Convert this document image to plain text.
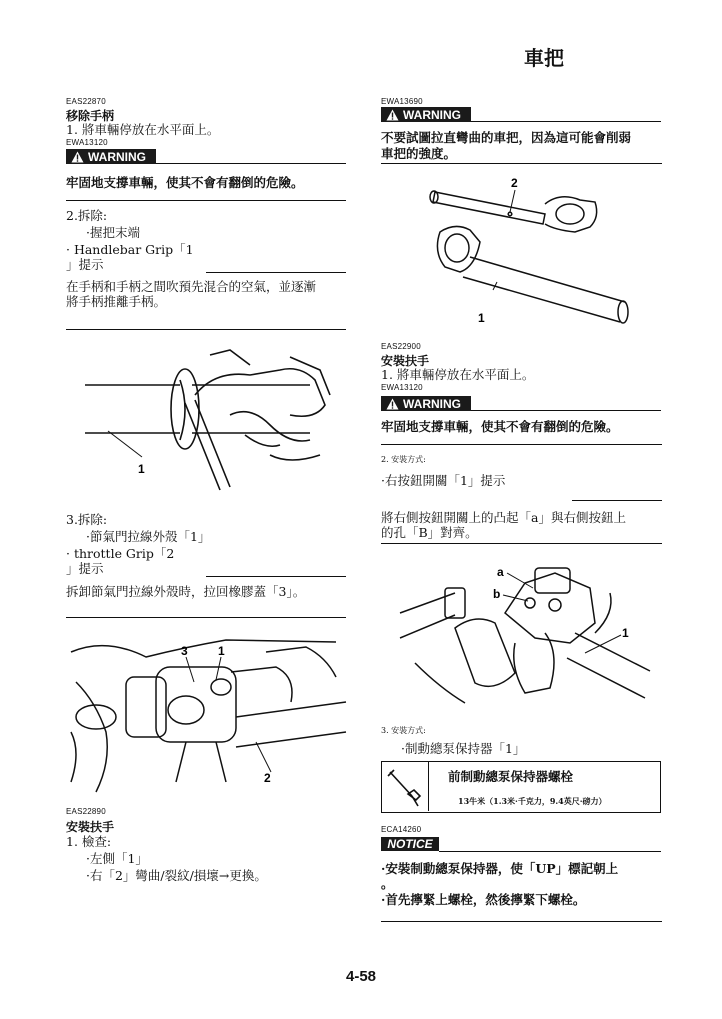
車把
EAS22870
移除手柄
1. 將車輛停放在水平面上。
EWA13120
WARNING
牢固地支撐車輛，使其不會有翻倒的危險。
2.拆除:
·握把末端
· Handlebar Grip「1
」提示
在手柄和手柄之間吹預先混合的空氣，並逐漸
將手柄推離手柄。
1
3.拆除:
·節氣門拉線外殼「1」
· throttle Grip「2
」提示
拆卸節氣門拉線外殼時，拉回橡膠蓋「3」。
3	1
2
EAS22890
安裝扶手
1. 檢查:
·左側「1」
·右「2」彎曲/裂紋/損壞→更換。
EWA13690
WARNING
不要試圖拉直彎曲的車把，因為這可能會削弱
車把的強度。
2
1
EAS22900
安裝扶手
1. 將車輛停放在水平面上。
EWA13120
WARNING
牢固地支撐車輛，使其不會有翻倒的危險。
2. 安裝方式:
·右按鈕開關「1」提示
將右側按鈕開關上的凸起「a」與右側按鈕上
的孔「B」對齊。
a
b
1
3. 安裝方式:
·制動總泵保持器「1」
前制動總泵保持器螺栓
13牛米（1.3米·千克力，9.4英尺·磅力）
ECA14260
NOTICE
·安裝制動總泵保持器，使「UP」標記朝上
。
·首先擰緊上螺栓，然後擰緊下螺栓。
4-58
